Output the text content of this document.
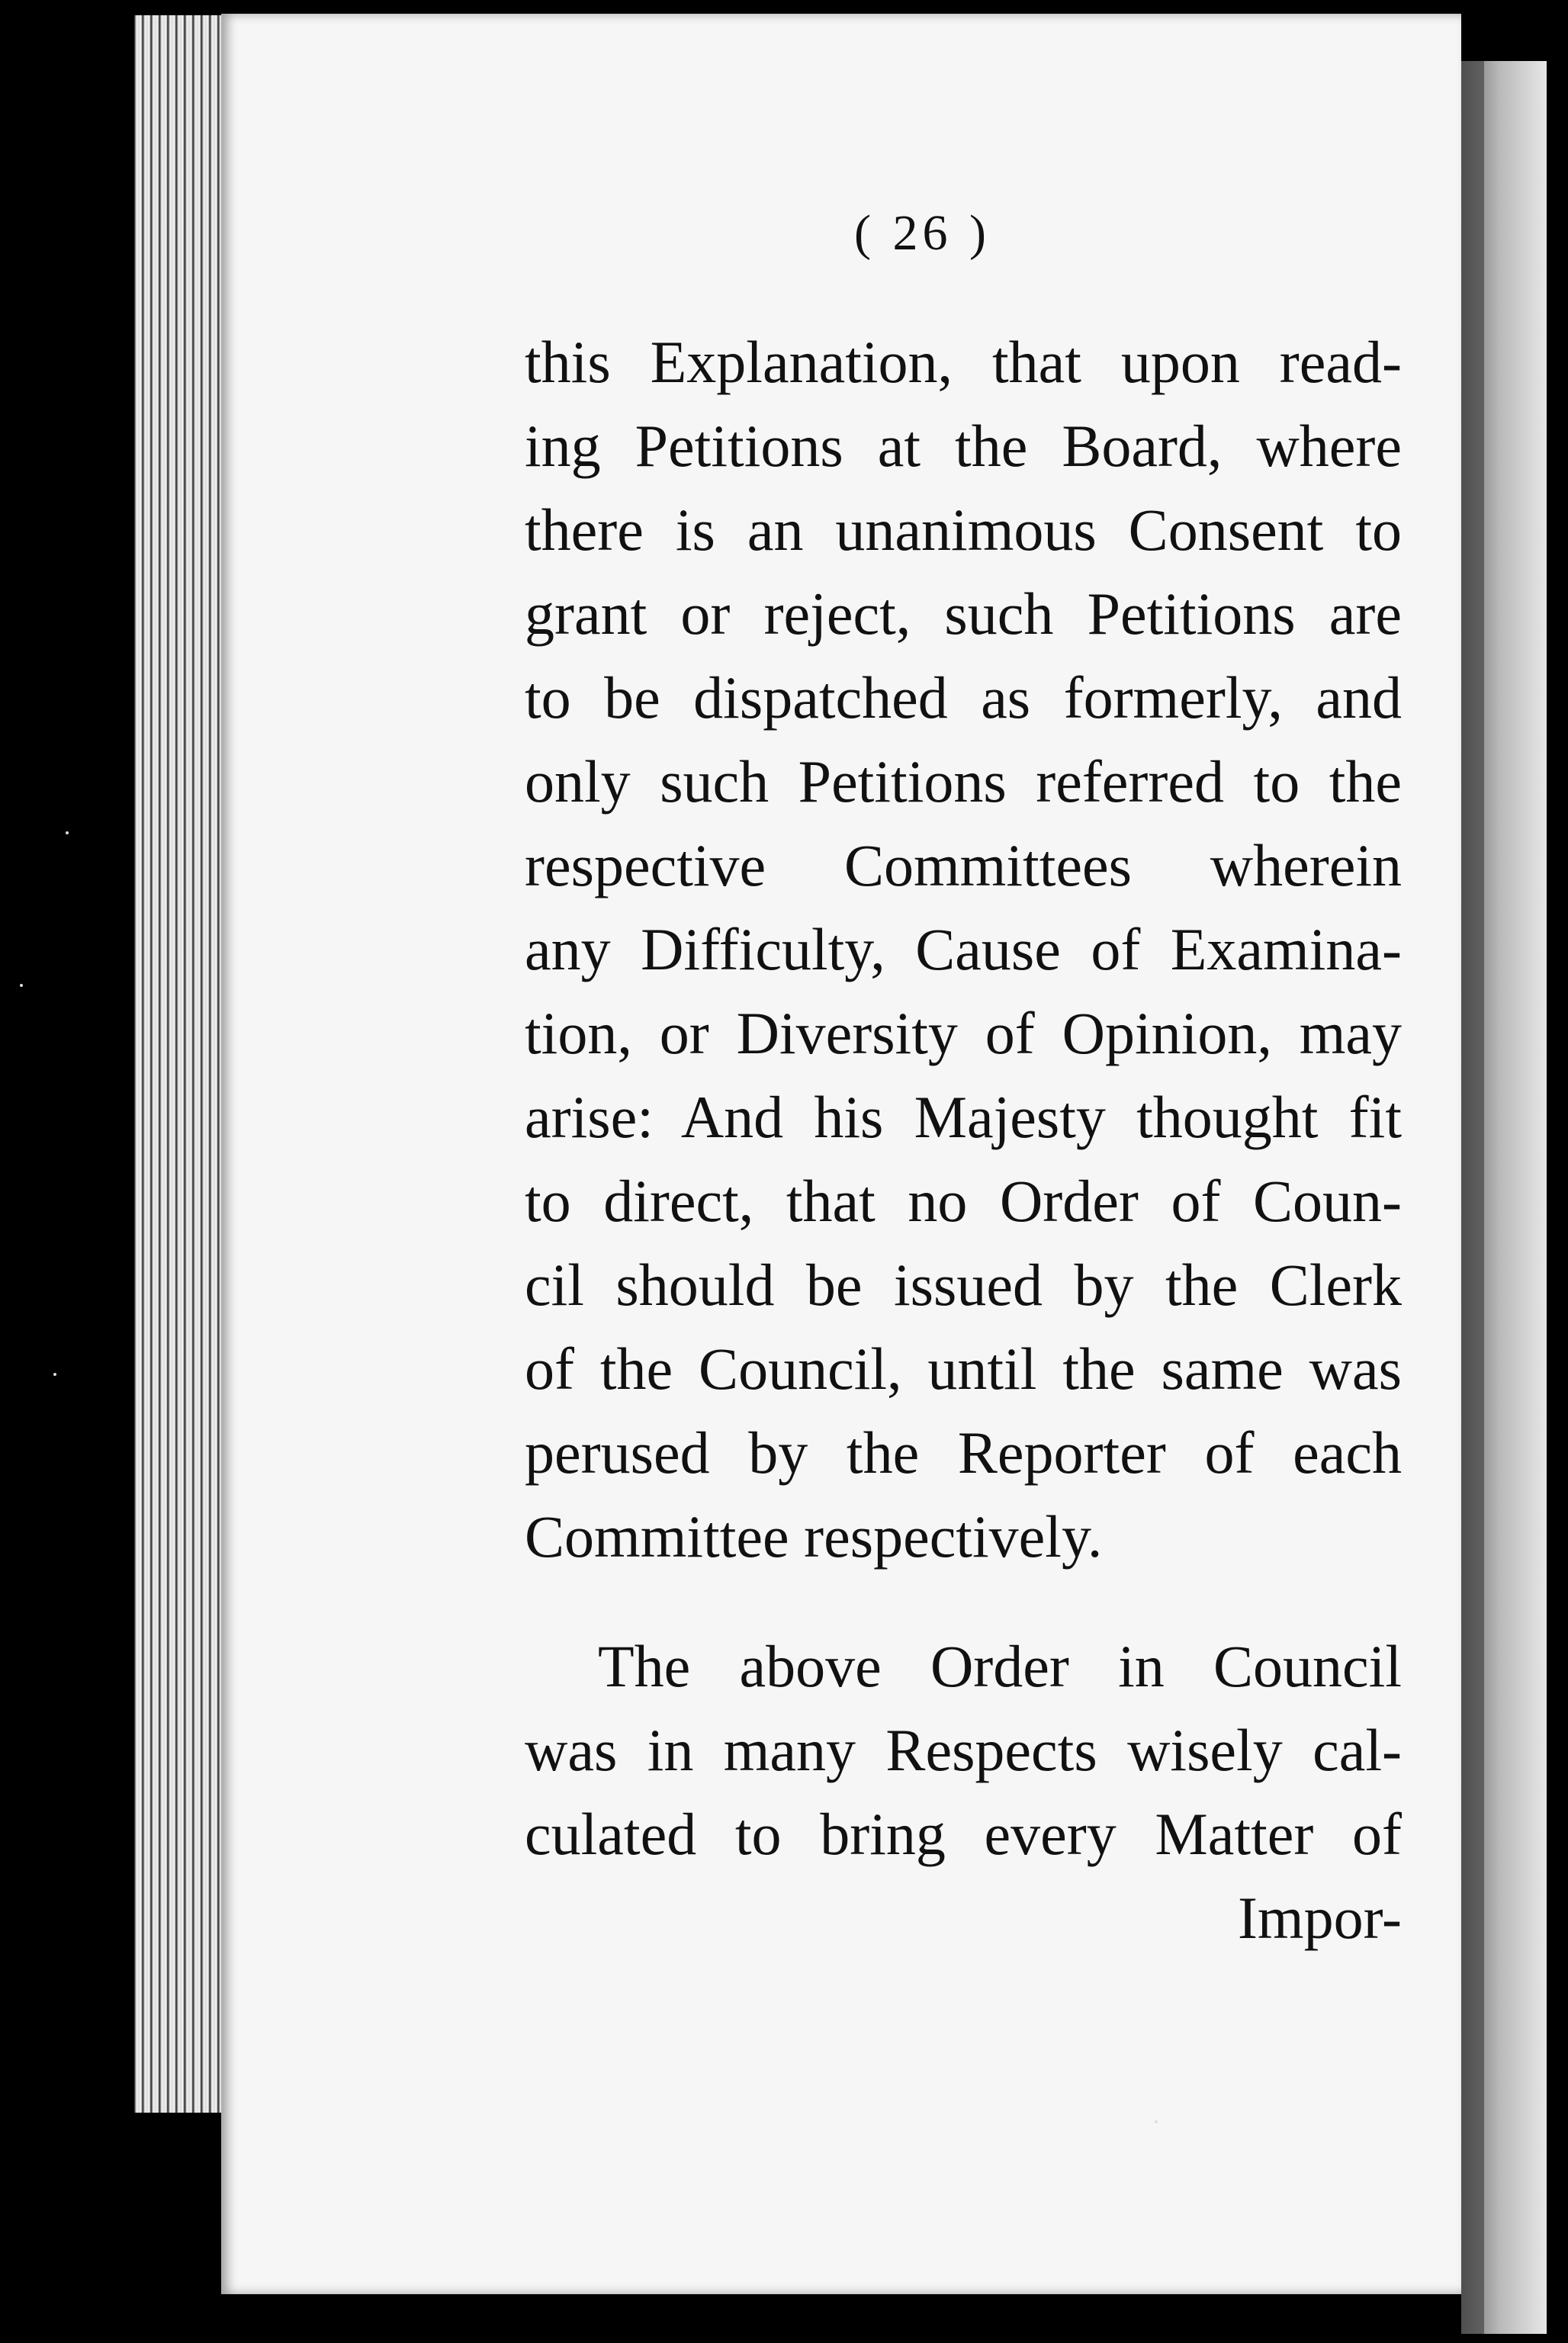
( 26 )
this Explanation, that upon read-
ing Petitions at the Board, where
there is an unanimous Consent to
grant or reject, such Petitions are
to be dispatched as formerly, and
only such Petitions referred to the
respective Committees wherein
any Difficulty, Cause of Examina-
tion, or Diversity of Opinion, may
arise: And his Majesty thought fit
to direct, that no Order of Coun-
cil should be issued by the Clerk
of the Council, until the same was
perused by the Reporter of each
Committee respectively.
The above Order in Council
was in many Respects wisely cal-
culated to bring every Matter of
Impor-
